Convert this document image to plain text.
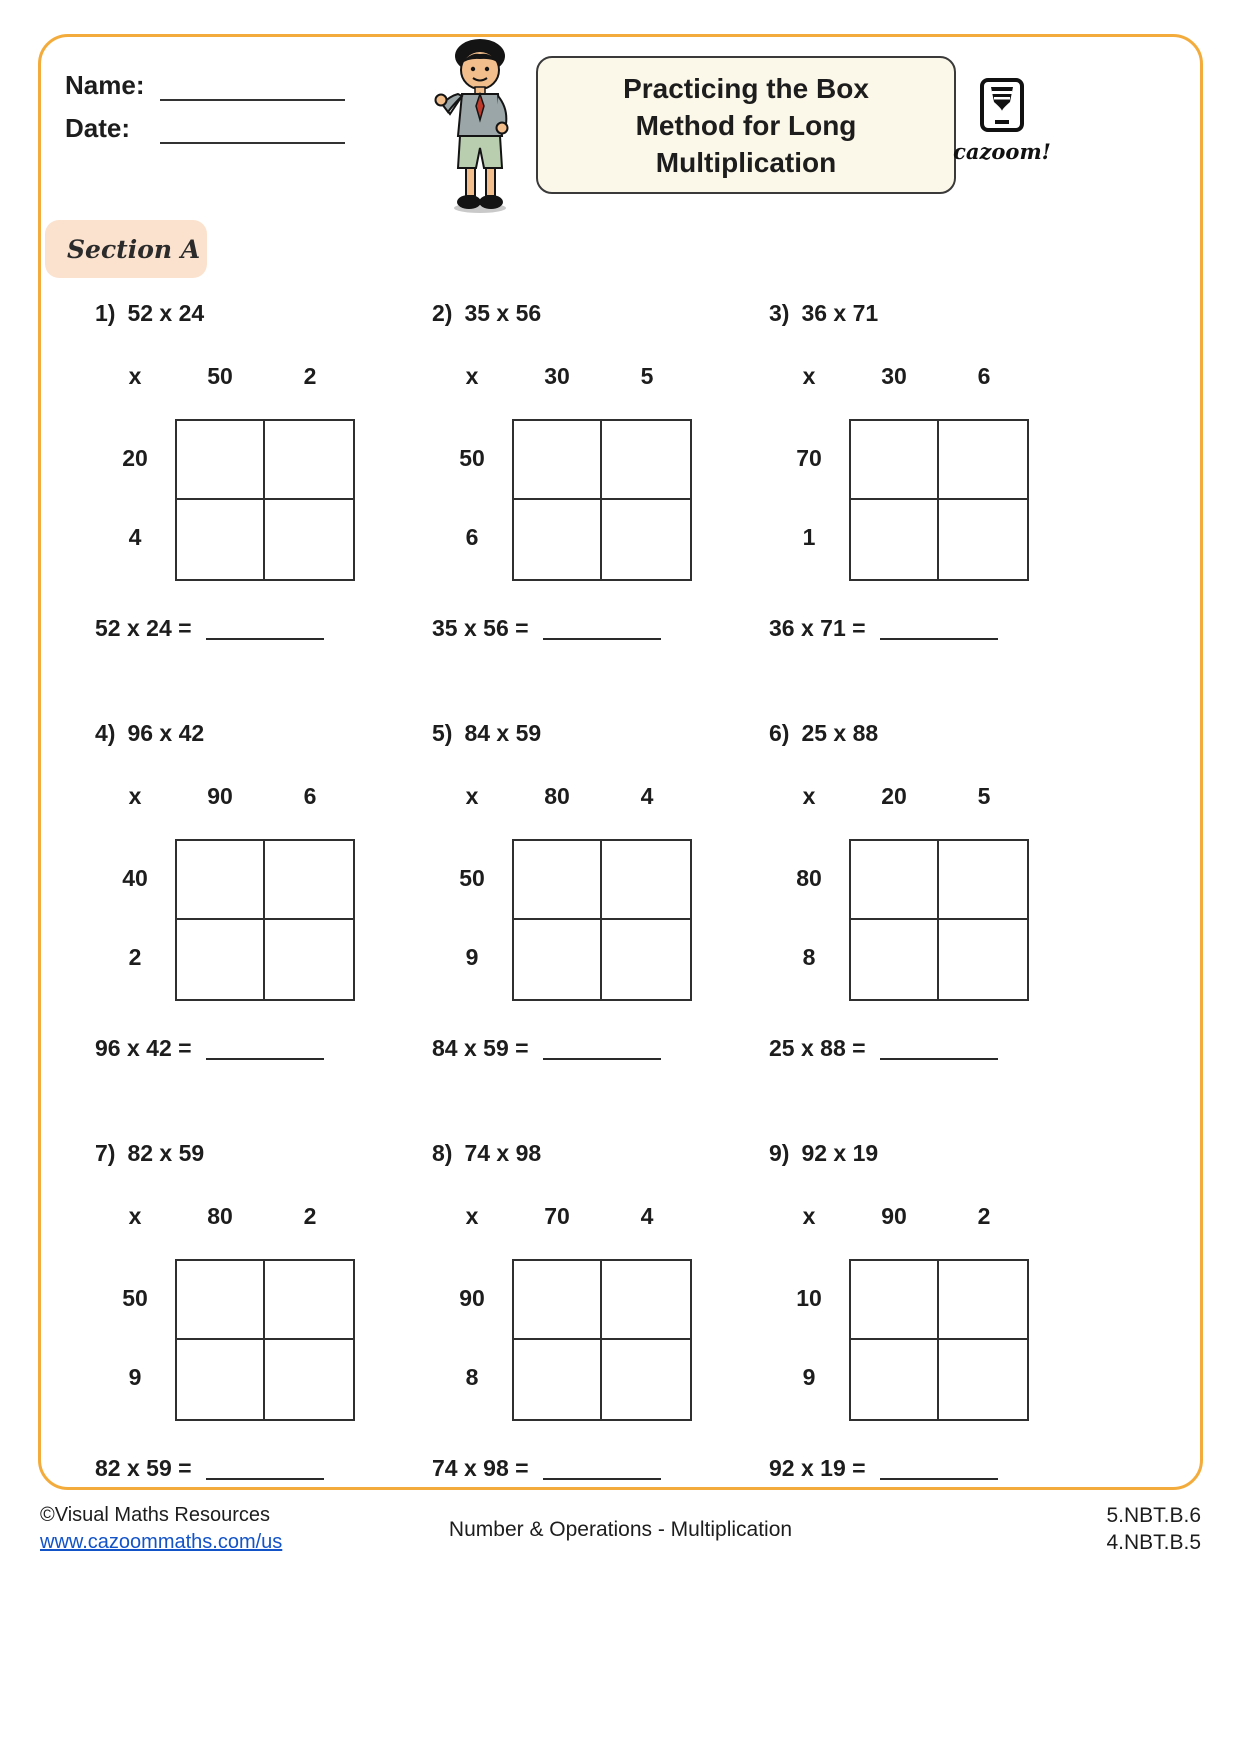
Name:
Date:
Practicing the Box
Method for Long
Multiplication	cazoom!
Section A
1) 52 x 24
x	50	2
20
4
52 x 24 =
2) 35 x 56
x	30	5
50
6
35 x 56 =
3) 36 x 71
x	30	6
70
1
36 x 71 =
4) 96 x 42
x	90	6
40
2
96 x 42 =
5) 84 x 59
x	80	4
50
9
84 x 59 =
6) 25 x 88
x	20	5
80
8
25 x 88 =
7) 82 x 59
x	80	2
50
9
82 x 59 =
8) 74 x 98
x	70	4
90
8
74 x 98 =
9) 92 x 19
x	90	2
10
9
92 x 19 =
©Visual Maths Resources
www.cazoommaths.com/us
Number & Operations - Multiplication
5.NBT.B.6
4.NBT.B.5
